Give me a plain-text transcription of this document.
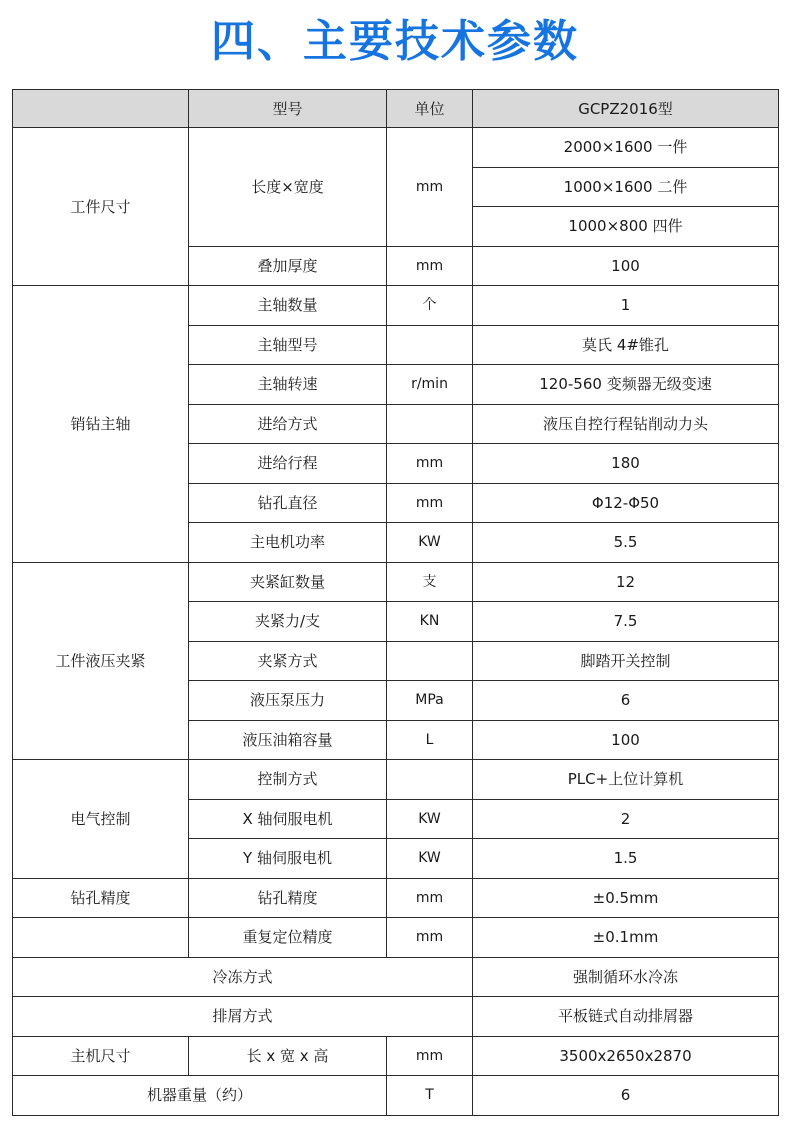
四、主要技术参数
	型号	单位	GCPZ2016型
工件尺寸	长度×宽度	mm	2000×1600 一件
			1000×1600 二件
			1000×800 四件
	叠加厚度	mm	100
销钻主轴	主轴数量	个	1
	主轴型号		莫氏 4#锥孔
	主轴转速	r/min	120-560 变频器无级变速
	进给方式		液压自控行程钻削动力头
	进给行程	mm	180
	钻孔直径	mm	Φ12-Φ50
	主电机功率	KW	5.5
工件液压夹紧	夹紧缸数量	支	12
	夹紧力/支	KN	7.5
	夹紧方式		脚踏开关控制
	液压泵压力	MPa	6
	液压油箱容量	L	100
电气控制	控制方式		PLC+上位计算机
	X 轴伺服电机	KW	2
	Y 轴伺服电机	KW	1.5
钻孔精度	钻孔精度	mm	±0.5mm
	重复定位精度	mm	±0.1mm
冷冻方式			强制循环水冷冻
排屑方式			平板链式自动排屑器
主机尺寸	长 x 宽 x 高	mm	3500x2650x2870
机器重量（约）		T	6
